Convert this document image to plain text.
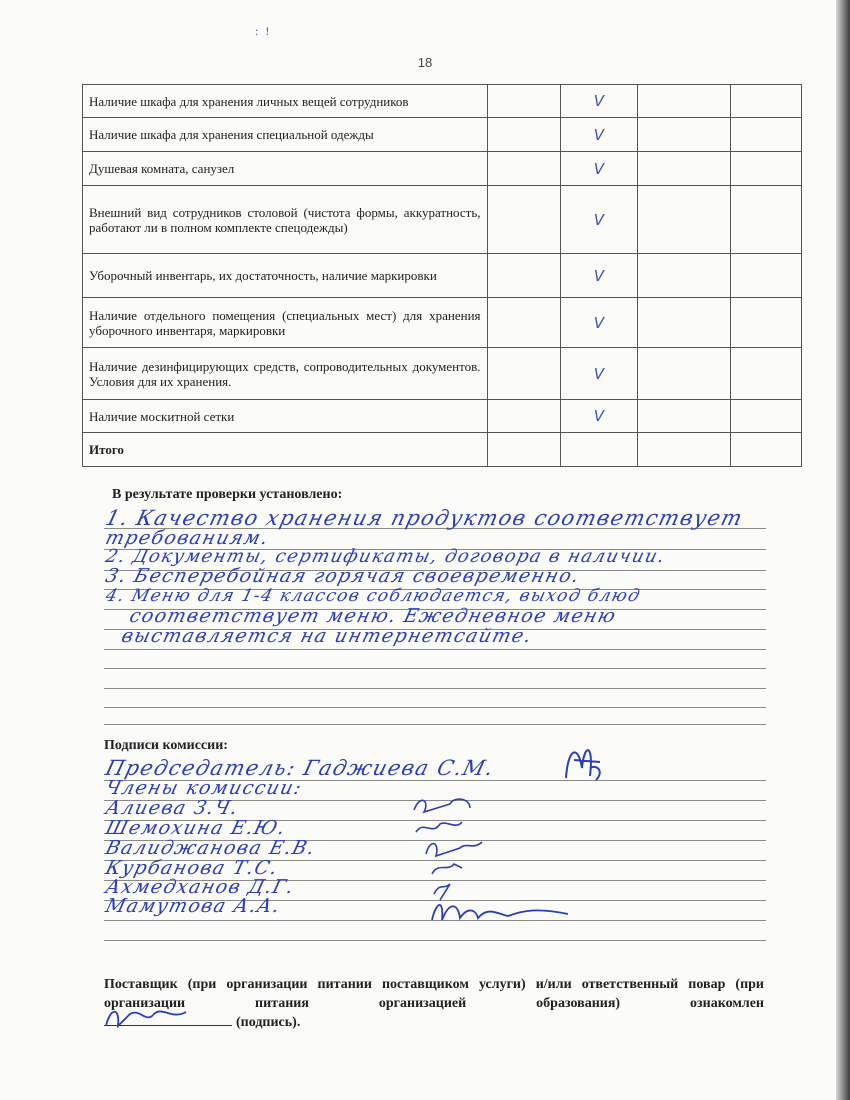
: !
18
Наличие шкафа для хранения личных вещей сотрудников		V		
Наличие шкафа для хранения специальной одежды		V		
Душевая комната, санузел		V		
Внешний вид сотрудников столовой (чистота формы, аккуратность, работают ли в полном комплекте спецодежды)		V		
Уборочный инвентарь, их достаточность, наличие маркировки		V		
Наличие отдельного помещения (специальных мест) для хранения уборочного инвентаря, маркировки		V		
Наличие дезинфицирующих средств, сопроводительных документов. Условия для их хранения.		V		
Наличие москитной сетки		V		
Итого				
В результате проверки установлено:
1. Качество хранения продуктов соответствует
требованиям.
2. Документы, сертификаты, договора в наличии.
3. Бесперебойная горячая своевременно.
4. Меню для 1-4 классов соблюдается, выход блюд
соответствует меню. Ежедневное меню
выставляется на интернетсайте.
Подписи комиссии:
Председатель: Гаджиева С.М.
Члены комиссии:
Алиева З.Ч.
Шемохина Е.Ю.
Валиджанова Е.В.
Курбанова Т.С.
Ахмедханов Д.Г.
Мамутова А.А.
Поставщик (при организации питании поставщиком услуги) и/или ответственный повар (при организации питания организацией образования) ознакомлен
(подпись).
